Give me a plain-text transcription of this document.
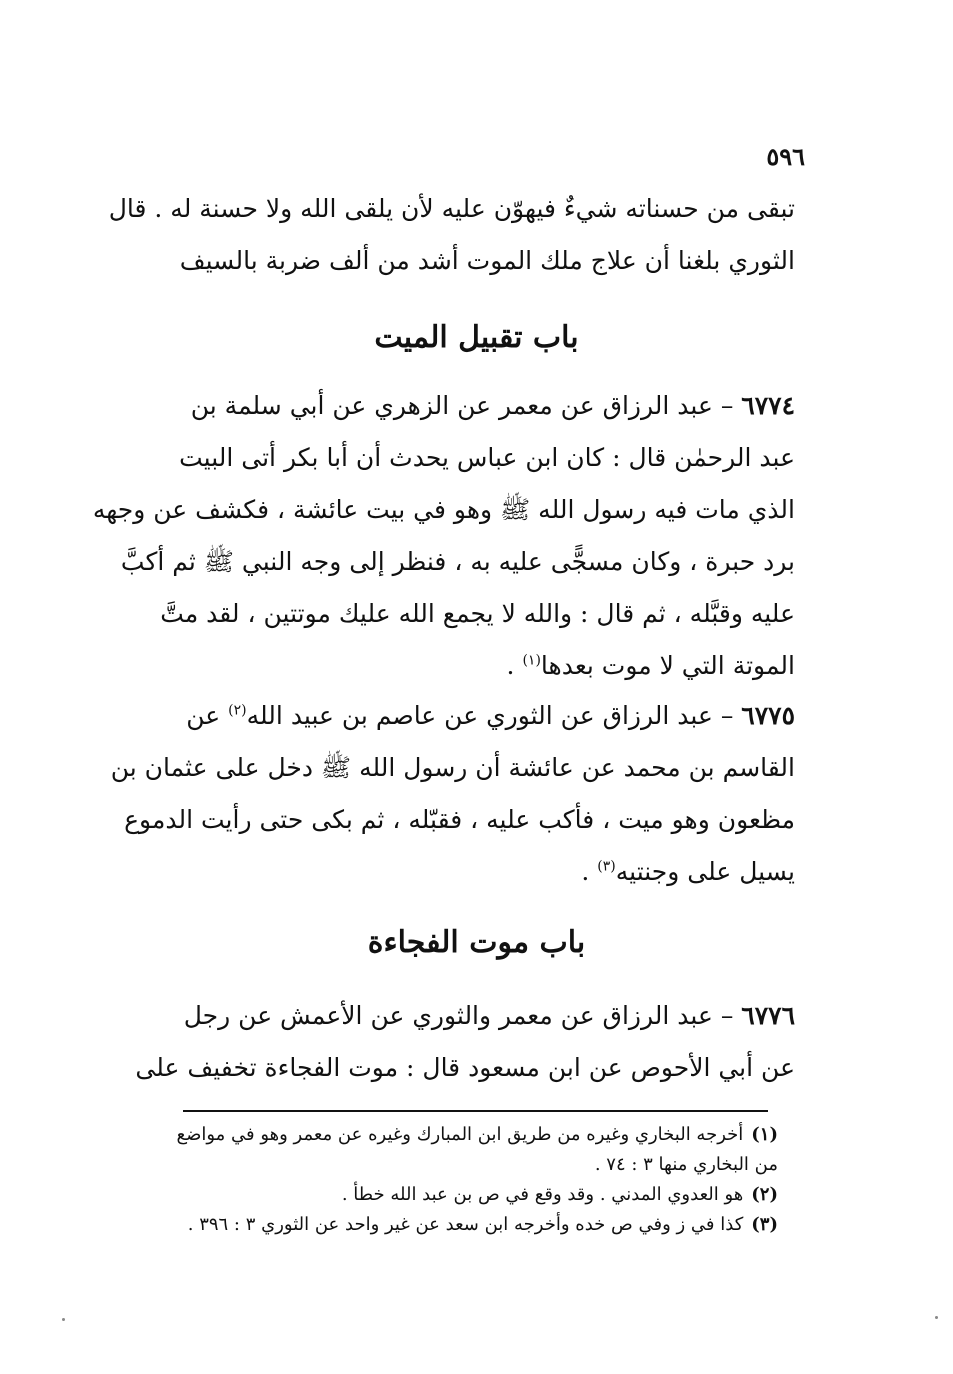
٥٩٦
تبقى من حسناته شيءٌ فيهوّن عليه لأن يلقى الله ولا حسنة له . قال
الثوري بلغنا أن علاج ملك الموت أشد من ألف ضربة بالسيف
باب تقبيل الميت
٦٧٧٤ – عبد الرزاق عن معمر عن الزهري عن أبي سلمة بن
عبد الرحمٰن قال : كان ابن عباس يحدث أن أبا بكر أتى البيت
الذي مات فيه رسول الله ﷺ وهو في بيت عائشة ، فكشف عن وجهه
برد حبرة ، وكان مسجًّى عليه به ، فنظر إلى وجه النبي ﷺ ثم أكبَّ
عليه وقبَّله ، ثم قال : والله لا يجمع الله عليك موتتين ، لقد متَّ
الموتة التي لا موت بعدها$^{(١)}$ .
٦٧٧٥ – عبد الرزاق عن الثوري عن عاصم بن عبيد الله$^{(٢)}$ عن
القاسم بن محمد عن عائشة أن رسول الله ﷺ دخل على عثمان بن
مظعون وهو ميت ، فأكب عليه ، فقبّله ، ثم بكى حتى رأيت الدموع
يسيل على وجنتيه$^{(٣)}$ .
باب موت الفجاءة
٦٧٧٦ – عبد الرزاق عن معمر والثوري عن الأعمش عن رجل
عن أبي الأحوص عن ابن مسعود قال : موت الفجاءة تخفيف على
(١)أخرجه البخاري وغيره من طريق ابن المبارك وغيره عن معمر وهو في مواضع
من البخاري منها ٣ : ٧٤ .
(٢)هو العدوي المدني . وقد وقع في ص بن عبد الله خطأ .
(٣)كذا في ز وفي ص خده وأخرجه ابن سعد عن غير واحد عن الثوري ٣ : ٣٩٦ .
